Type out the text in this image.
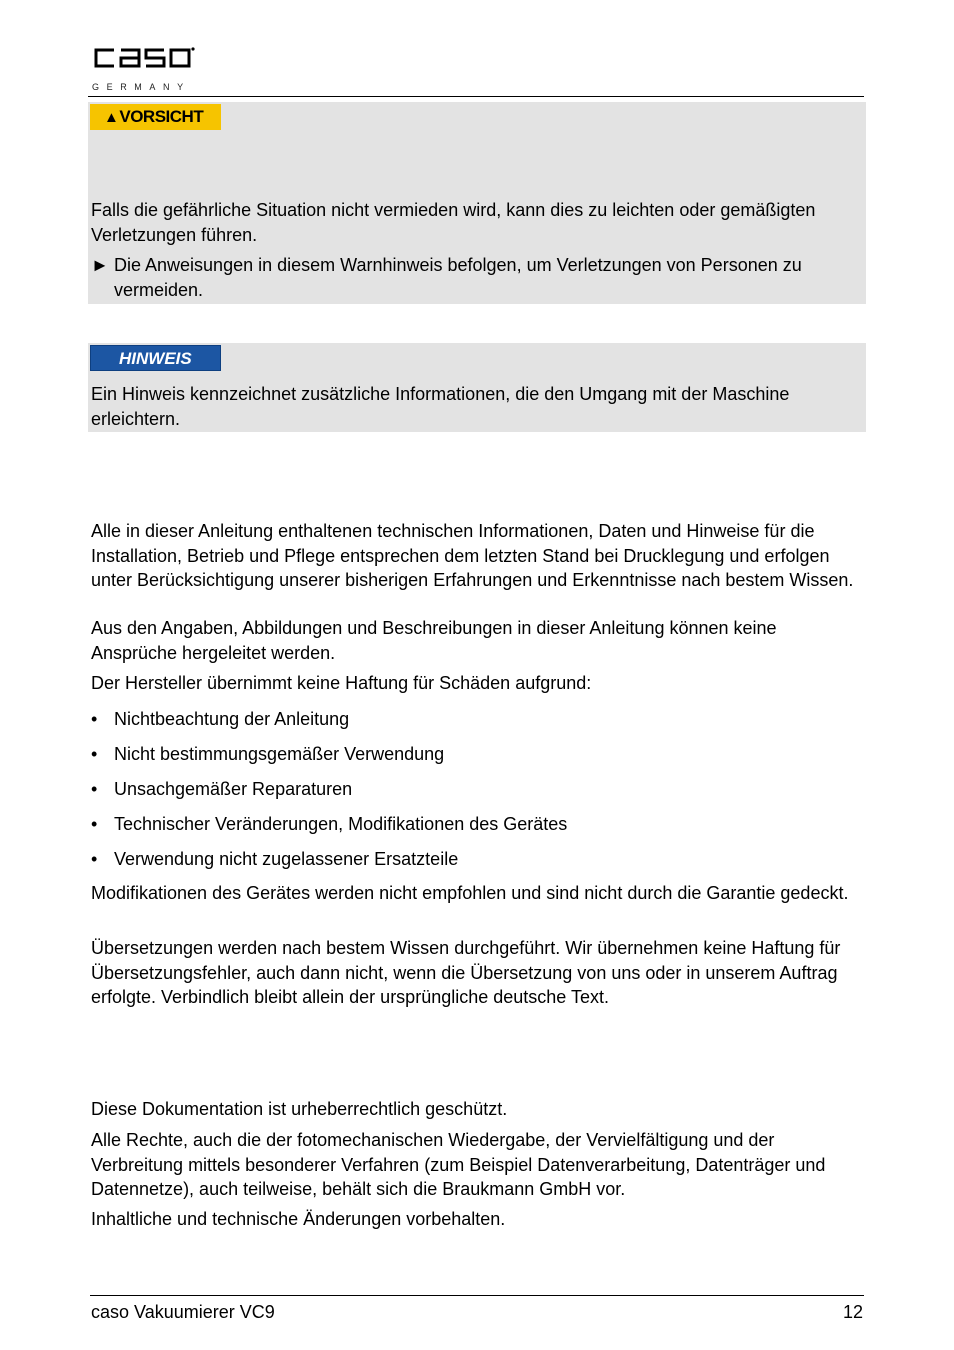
GERMANY
▲VORSICHT

Falls die gefährliche Situation nicht vermieden wird, kann dies zu leichten oder gemäßigten Verletzungen führen.

► Die Anweisungen in diesem Warnhinweis befolgen, um Verletzungen von Personen zu vermeiden.
HINWEIS

Ein Hinweis kennzeichnet zusätzliche Informationen, die den Umgang mit der Maschine erleichtern.

Alle in dieser Anleitung enthaltenen technischen Informationen, Daten und Hinweise für die Installation, Betrieb und Pflege entsprechen dem letzten Stand bei Drucklegung und erfolgen unter Berücksichtigung unserer bisherigen Erfahrungen und Erkenntnisse nach bestem Wissen.

Aus den Angaben, Abbildungen und Beschreibungen in dieser Anleitung können keine Ansprüche hergeleitet werden.

Der Hersteller übernimmt keine Haftung für Schäden aufgrund:

• Nichtbeachtung der Anleitung
• Nicht bestimmungsgemäßer Verwendung
• Unsachgemäßer Reparaturen
• Technischer Veränderungen, Modifikationen des Gerätes
• Verwendung nicht zugelassener Ersatzteile

Modifikationen des Gerätes werden nicht empfohlen und sind nicht durch die Garantie gedeckt.

Übersetzungen werden nach bestem Wissen durchgeführt. Wir übernehmen keine Haftung für Übersetzungsfehler, auch dann nicht, wenn die Übersetzung von uns oder in unserem Auftrag erfolgte. Verbindlich bleibt allein der ursprüngliche deutsche Text.

Diese Dokumentation ist urheberrechtlich geschützt.

Alle Rechte, auch die der fotomechanischen Wiedergabe, der Vervielfältigung und der Verbreitung mittels besonderer Verfahren (zum Beispiel Datenverarbeitung, Datenträger und Datennetze), auch teilweise, behält sich die Braukmann GmbH vor.

Inhaltliche und technische Änderungen vorbehalten.

caso Vakuumierer VC9	12
